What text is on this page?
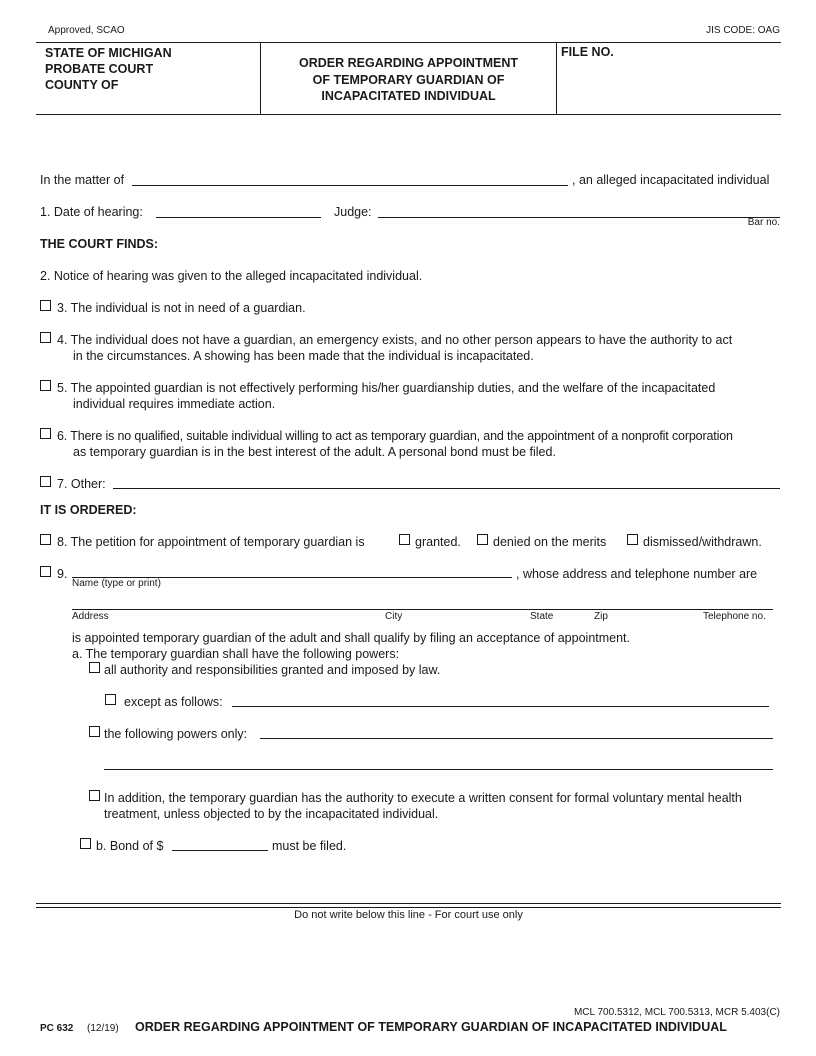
Approved, SCAO	JIS CODE: OAG
STATE OF MICHIGAN
PROBATE COURT
COUNTY OF
ORDER REGARDING APPOINTMENT
OF TEMPORARY GUARDIAN OF
INCAPACITATED INDIVIDUAL
FILE NO.
In the matter of	, an alleged incapacitated individual
1. Date of hearing:	Judge:
Bar no.
THE COURT FINDS:
2. Notice of hearing was given to the alleged incapacitated individual.
3. The individual is not in need of a guardian.
4. The individual does not have a guardian, an emergency exists, and no other person appears to have the authority to act
in the circumstances. A showing has been made that the individual is incapacitated.
5. The appointed guardian is not effectively performing his/her guardianship duties, and the welfare of the incapacitated
individual requires immediate action.
6. There is no qualified, suitable individual willing to act as temporary guardian, and the appointment of a nonprofit corporation
as temporary guardian is in the best interest of the adult. A personal bond must be filed.
7. Other:
IT IS ORDERED:
8. The petition for appointment of temporary guardian is	granted.	denied on the merits	dismissed/withdrawn.
9.	, whose address and telephone number are
Name (type or print)
Address	City	State	Zip	Telephone no.
is appointed temporary guardian of the adult and shall qualify by filing an acceptance of appointment.
a. The temporary guardian shall have the following powers:
all authority and responsibilities granted and imposed by law.
except as follows:
the following powers only:
In addition, the temporary guardian has the authority to execute a written consent for formal voluntary mental health
treatment, unless objected to by the incapacitated individual.
b. Bond of $	must be filed.
Do not write below this line - For court use only
MCL 700.5312, MCL 700.5313, MCR 5.403(C)
PC 632 (12/19) ORDER REGARDING APPOINTMENT OF TEMPORARY GUARDIAN OF INCAPACITATED INDIVIDUAL
